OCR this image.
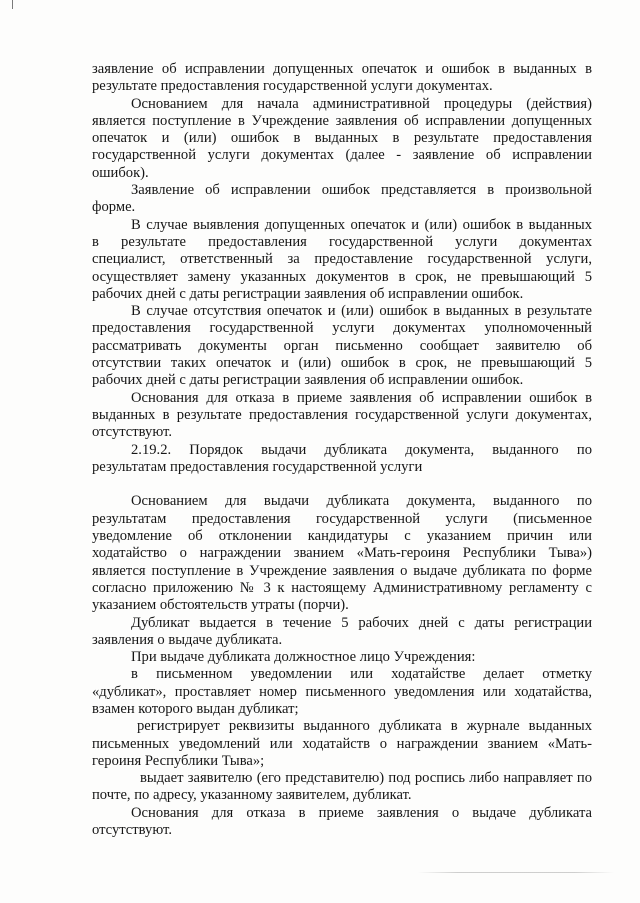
заявление об исправлении допущенных опечаток и ошибок в выданных в
результате предоставления государственной услуги документах.
Основанием для начала административной процедуры (действия)
является поступление в Учреждение заявления об исправлении допущенных
опечаток и (или) ошибок в выданных в результате предоставления
государственной услуги документах (далее - заявление об исправлении
ошибок).
Заявление об исправлении ошибок представляется в произвольной
форме.
В случае выявления допущенных опечаток и (или) ошибок в выданных
в результате предоставления государственной услуги документах
специалист, ответственный за предоставление государственной услуги,
осуществляет замену указанных документов в срок, не превышающий 5
рабочих дней с даты регистрации заявления об исправлении ошибок.
В случае отсутствия опечаток и (или) ошибок в выданных в результате
предоставления государственной услуги документах уполномоченный
рассматривать документы орган письменно сообщает заявителю об
отсутствии таких опечаток и (или) ошибок в срок, не превышающий 5
рабочих дней с даты регистрации заявления об исправлении ошибок.
Основания для отказа в приеме заявления об исправлении ошибок в
выданных в результате предоставления государственной услуги документах,
отсутствуют.
2.19.2. Порядок выдачи дубликата документа, выданного по
результатам предоставления государственной услуги
Основанием для выдачи дубликата документа, выданного по
результатам предоставления государственной услуги (письменное
уведомление об отклонении кандидатуры с указанием причин или
ходатайство о награждении званием «Мать-героиня Республики Тыва»)
является поступление в Учреждение заявления о выдаче дубликата по форме
согласно приложению № 3 к настоящему Административному регламенту с
указанием обстоятельств утраты (порчи).
Дубликат выдается в течение 5 рабочих дней с даты регистрации
заявления о выдаче дубликата.
При выдаче дубликата должностное лицо Учреждения:
в письменном уведомлении или ходатайстве делает отметку
«дубликат», проставляет номер письменного уведомления или ходатайства,
взамен которого выдан дубликат;
регистрирует реквизиты выданного дубликата в журнале выданных
письменных уведомлений или ходатайств о награждении званием «Мать-
героиня Республики Тыва»;
выдает заявителю (его представителю) под роспись либо направляет по
почте, по адресу, указанному заявителем, дубликат.
Основания для отказа в приеме заявления о выдаче дубликата
отсутствуют.
